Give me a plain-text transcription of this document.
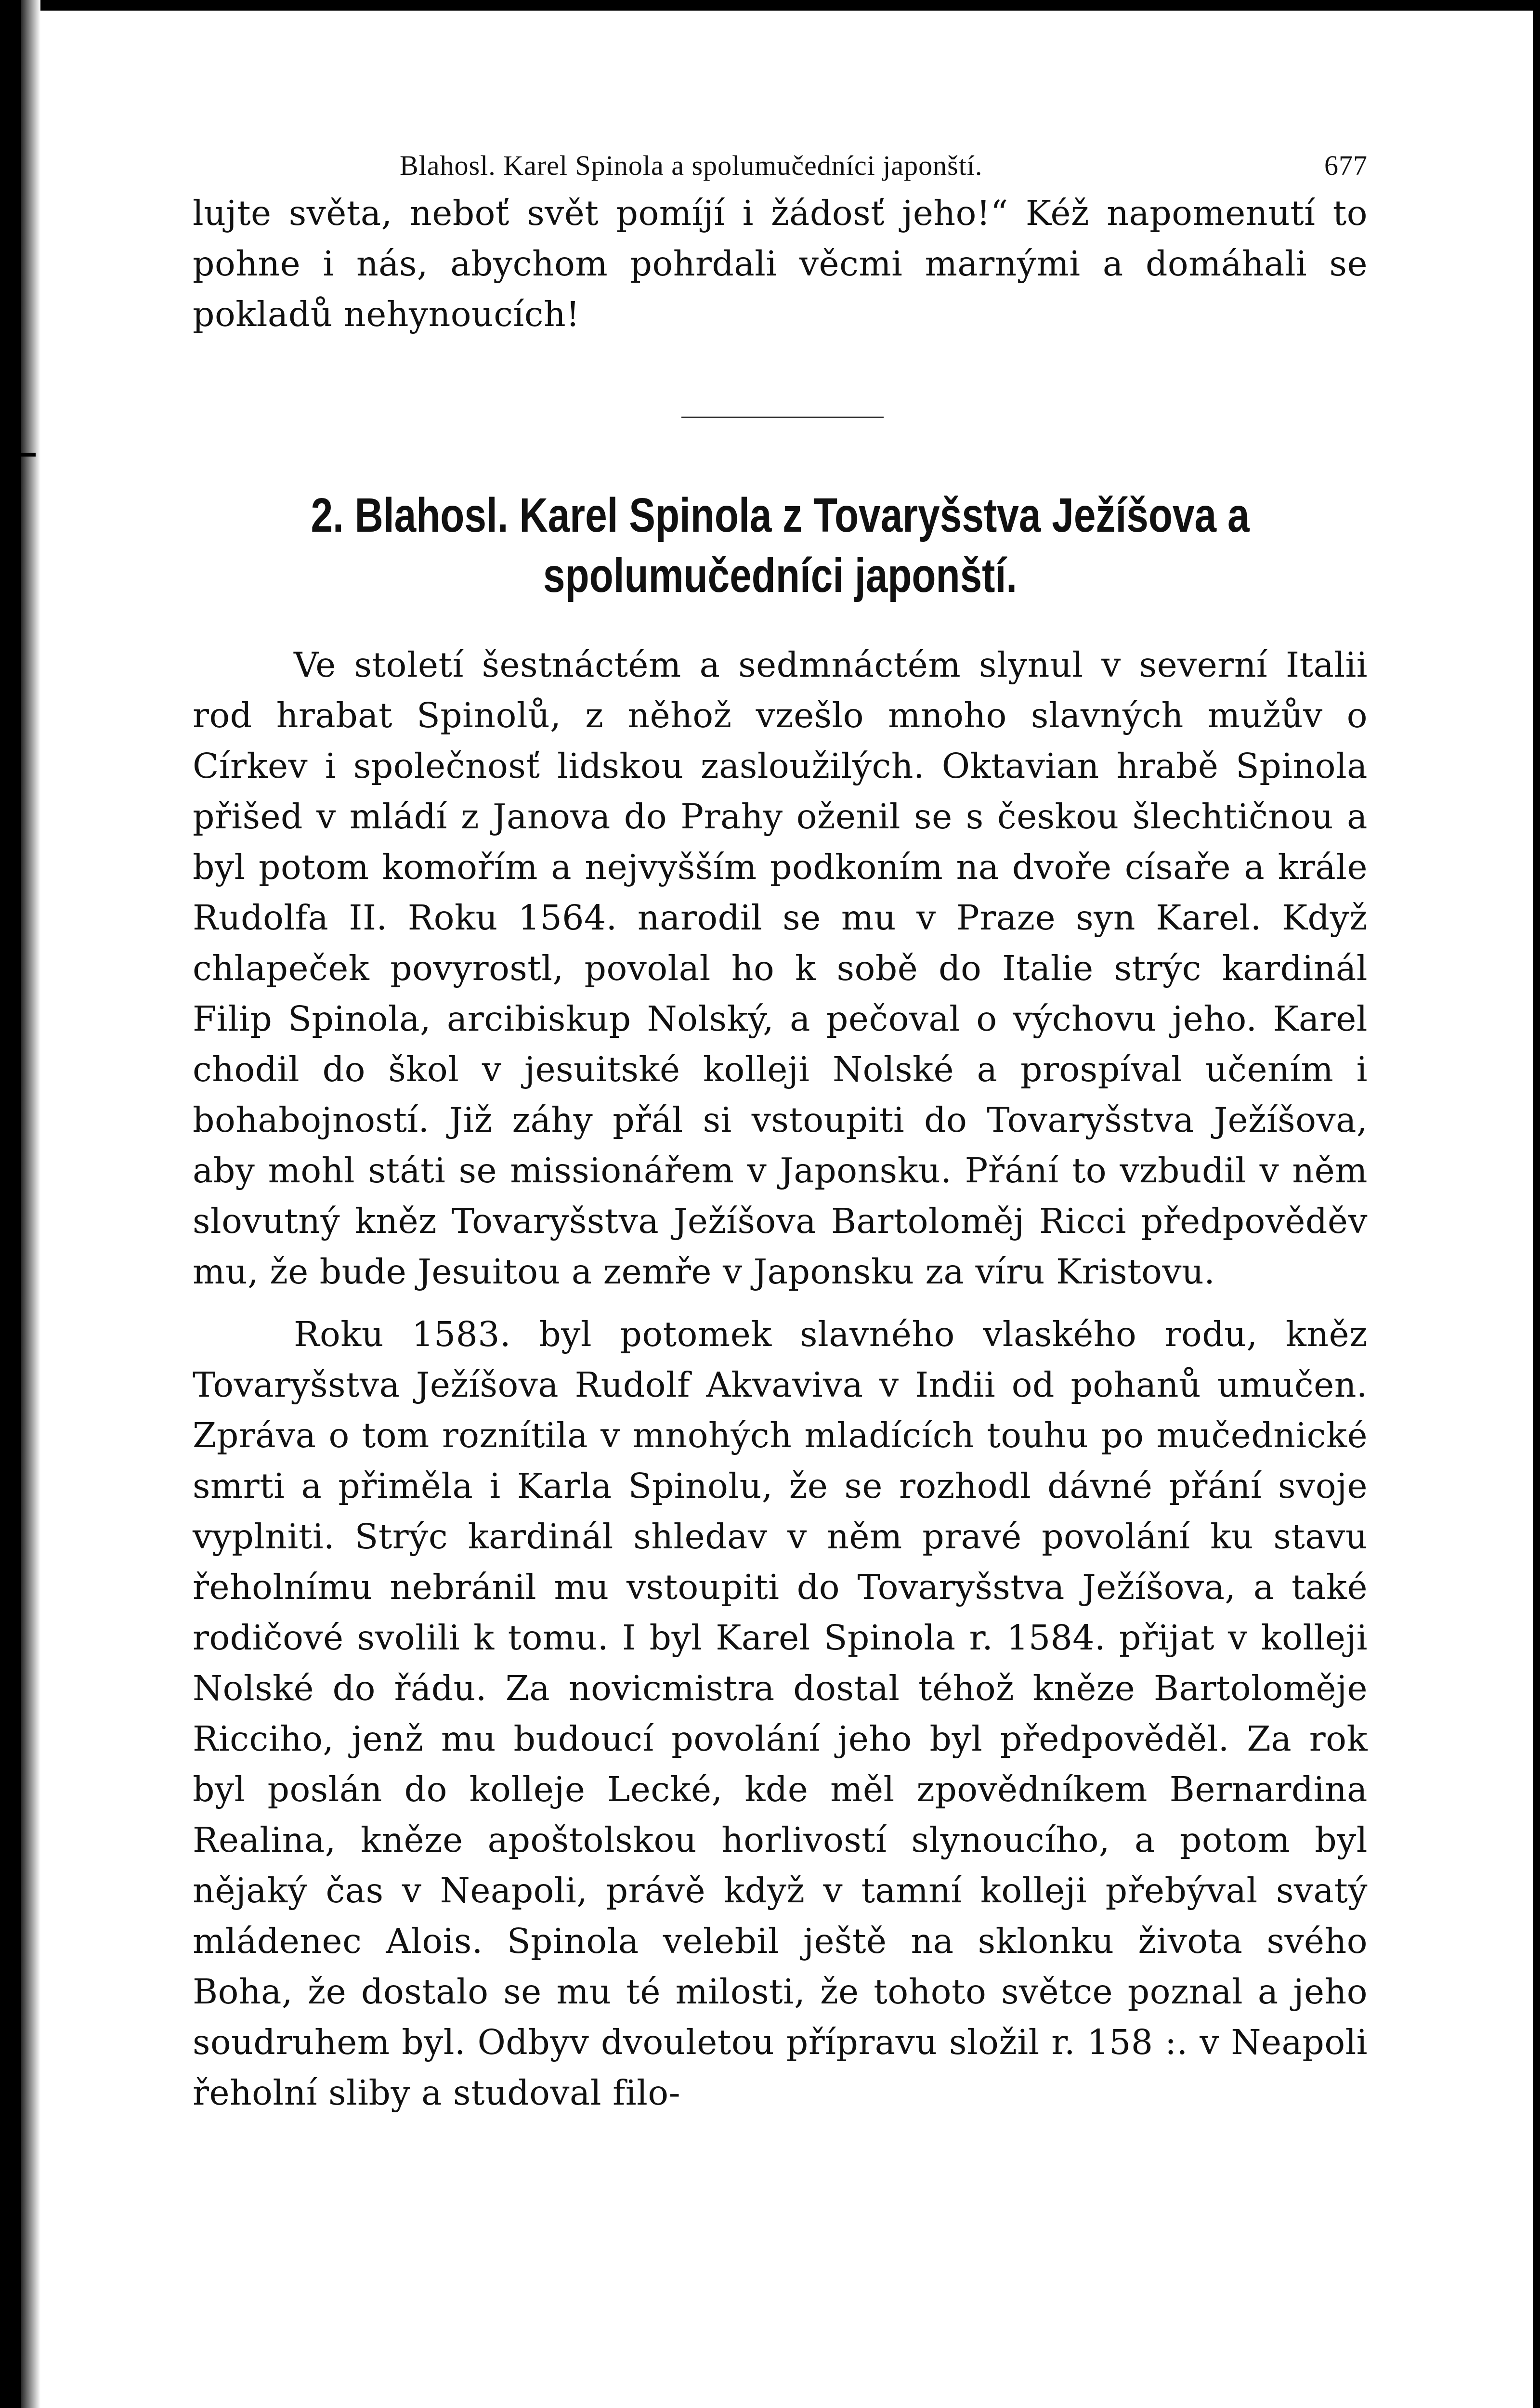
Blahosl. Karel Spinola a spolumučedníci japonští.	677

lujte světa, neboť svět pomíjí i žádosť jeho!“ Kéž napomenutí to pohne i nás, abychom pohrdali věcmi marnými a domáhali se pokladů nehynoucích!

2. Blahosl. Karel Spinola z Tovaryšstva Ježíšova a
spolumučedníci japonští.

Ve století šestnáctém a sedmnáctém slynul v severní Italii rod hrabat Spinolů, z něhož vzešlo mnoho slavných mužův o Církev i společnosť lidskou zasloužilých. Oktavian hrabě Spinola přišed v mládí z Janova do Prahy oženil se s českou šlechtičnou a byl potom komořím a nejvyšším podkoním na dvoře císaře a krále Rudolfa II. Roku 1564. narodil se mu v Praze syn Karel. Když chlapeček povyrostl, povolal ho k sobě do Italie strýc kardinál Filip Spinola, arcibiskup Nolský, a pečoval o výchovu jeho. Karel chodil do škol v jesuitské kolleji Nolské a prospíval učením i bohabojností. Již záhy přál si vstoupiti do Tovaryšstva Ježíšova, aby mohl státi se missionářem v Japonsku. Přání to vzbudil v něm slovutný kněz Tovaryšstva Ježíšova Bartoloměj Ricci předpověděv mu, že bude Jesuitou a zemře v Japonsku za víru Kristovu.

Roku 1583. byl potomek slavného vlaského rodu, kněz Tovaryšstva Ježíšova Rudolf Akvaviva v Indii od pohanů umučen. Zpráva o tom roznítila v mnohých mladících touhu po mučednické smrti a přiměla i Karla Spinolu, že se rozhodl dávné přání svoje vyplniti. Strýc kardinál shledav v něm pravé povolání ku stavu řeholnímu nebránil mu vstoupiti do Tovaryšstva Ježíšova, a také rodičové svolili k tomu. I byl Karel Spinola r. 1584. přijat v kolleji Nolské do řádu. Za novicmistra dostal téhož kněze Bartoloměje Ricciho, jenž mu budoucí povolání jeho byl předpověděl. Za rok byl poslán do kolleje Lecké, kde měl zpovědníkem Bernardina Realina, kněze apoštolskou horlivostí slynoucího, a potom byl nějaký čas v Neapoli, právě když v tamní kolleji přebýval svatý mládenec Alois. Spinola velebil ještě na sklonku života svého Boha, že dostalo se mu té milosti, že tohoto světce poznal a jeho soudruhem byl. Odbyv dvouletou přípravu složil r. 158 :. v Neapoli řeholní sliby a studoval filo-
